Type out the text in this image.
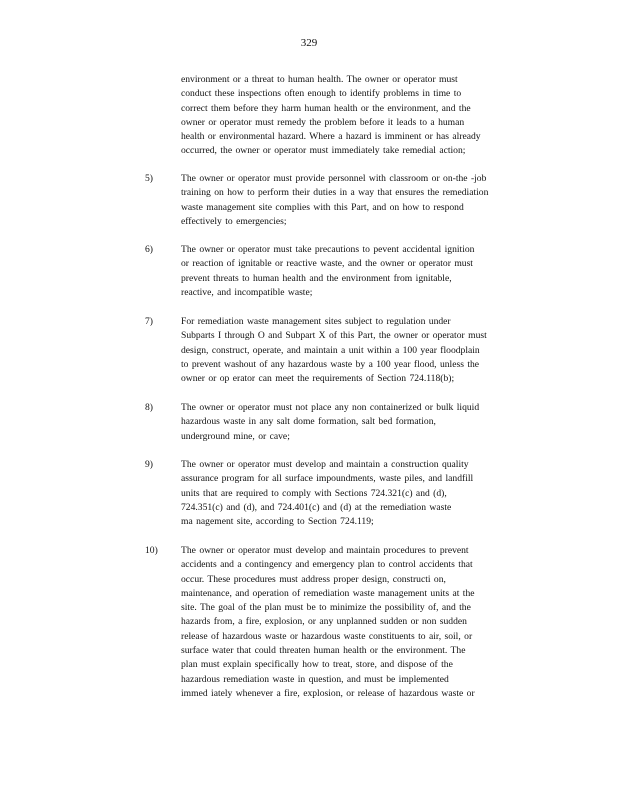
329
environment or a threat to human health. The owner or operator must
conduct these inspections often enough to identify problems in time to
correct them before they harm human health or the environment, and the
owner or operator must remedy the problem before it leads to a human
health or environmental hazard. Where a hazard is imminent or has already
occurred, the owner or operator must immediately take remedial action;
5)	The owner or operator must provide personnel with classroom or on-the -job
training on how to perform their duties in a way that ensures the remediation
waste management site complies with this Part, and on how to respond
effectively to emergencies;
6)	The owner or operator must take precautions to pevent accidental ignition
or reaction of ignitable or reactive waste, and the owner or operator must
prevent threats to human health and the environment from ignitable,
reactive, and incompatible waste;
7)	For remediation waste management sites subject to regulation under
Subparts I through O and Subpart X of this Part, the owner or operator must
design, construct, operate, and maintain a unit within a 100 year floodplain
to prevent washout of any hazardous waste by a 100 year flood, unless the
owner or op erator can meet the requirements of Section 724.118(b);
8)	The owner or operator must not place any non containerized or bulk liquid
hazardous waste in any salt dome formation, salt bed formation,
underground mine, or cave;
9)	The owner or operator must develop and maintain a construction quality
assurance program for all surface impoundments, waste piles, and landfill
units that are required to comply with Sections 724.321(c) and (d),
724.351(c) and (d), and 724.401(c) and (d) at the remediation waste
ma nagement site, according to Section 724.119;
10) The owner or operator must develop and maintain procedures to prevent
accidents and a contingency and emergency plan to control accidents that
occur. These procedures must address proper design, constructi on,
maintenance, and operation of remediation waste management units at the
site. The goal of the plan must be to minimize the possibility of, and the
hazards from, a fire, explosion, or any unplanned sudden or non sudden
release of hazardous waste or hazardous waste constituents to air, soil, or
surface water that could threaten human health or the environment. The
plan must explain specifically how to treat, store, and dispose of the
hazardous remediation waste in question, and must be implemented
immed iately whenever a fire, explosion, or release of hazardous waste or
